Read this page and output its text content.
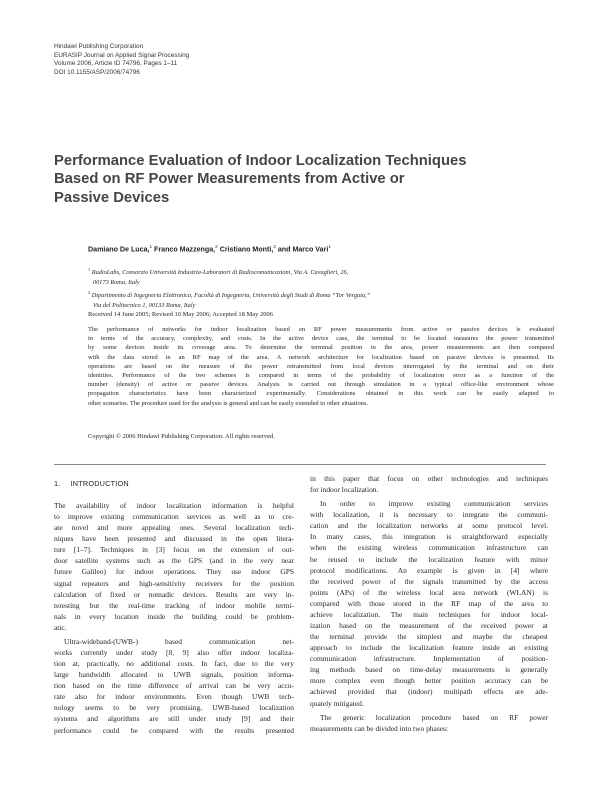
Hindawi Publishing Corporation
EURASIP Journal on Applied Signal Processing
Volume 2006, Article ID 74796, Pages 1–11
DOI 10.1155/ASP/2006/74796
Performance Evaluation of Indoor Localization Techniques
Based on RF Power Measurements from Active or
Passive Devices
Damiano De Luca,$^1$ Franco Mazzenga,$^2$ Cristiano Monti,$^2$ and Marco Vari$^1$
$^1$ RadioLabs, Consorzio Università Industria-Laboratori di Radiocomunicazioni, Via A. Cavaglieri, 26,
00173 Roma, Italy
$^2$ Dipartimento di Ingegneria Elettronica, Facoltà di Ingegneria, Università degli Studi di Roma “Tor Vergata,”
Via del Politecnico 1, 00133 Roma, Italy
Received 14 June 2005; Revised 10 May 2006; Accepted 18 May 2006
The performance of networks for indoor localization based on RF power measurements from active or passive devices is evaluated
in terms of the accuracy, complexity, and costs. In the active device case, the terminal to be located measures the power transmitted
by some devices inside its coverage area. To determine the terminal position in the area, power measurements are then compared
with the data stored in an RF map of the area. A network architecture for localization based on passive devices is presented. Its
operations are based on the measure of the power retransmitted from local devices interrogated by the terminal and on their
identities. Performance of the two schemes is compared in terms of the probability of localization error as a function of the
number (density) of active or passive devices. Analysis is carried out through simulation in a typical office-like environment whose
propagation characteristics have been characterized experimentally. Considerations obtained in this work can be easily adapted to
other scenarios. The procedure used for the analysis is general and can be easily extended to other situations.
Copyright © 2006 Hindawi Publishing Corporation. All rights reserved.
1. INTRODUCTION
The availability of indoor localization information is helpful
to improve existing communication services as well as to cre-
ate novel and more appealing ones. Several localization tech-
niques have been presented and discussed in the open litera-
ture [1–7]. Techniques in [3] focus on the extension of out-
door satellite systems such as the GPS (and in the very near
future Galileo) for indoor operations. They use indoor GPS
signal repeaters and high-sensitivity receivers for the position
calculation of fixed or nomadic devices. Results are very in-
teresting but the real-time tracking of indoor mobile termi-
nals in every location inside the building could be problem-
atic.
Ultra-wideband-(UWB-) based communication net-
works currently under study [8, 9] also offer indoor localiza-
tion at, practically, no additional costs. In fact, due to the very
large bandwidth allocated to UWB signals, position informa-
tion based on the time difference of arrival can be very accu-
rate also for indoor environments. Even though UWB tech-
nology seems to be very promising, UWB-based localization
systems and algorithms are still under study [9] and their
performance could be compared with the results presented
in this paper that focus on other technologies and techniques
for indoor localization.
In order to improve existing communication services
with localization, it is necessary to integrate the communi-
cation and the localization networks at some protocol level.
In many cases, this integration is straightforward especially
when the existing wireless communication infrastructure can
be reused to include the localization feature with minor
protocol modifications. An example is given in [4] where
the received power of the signals transmitted by the access
points (APs) of the wireless local area network (WLAN) is
compared with those stored in the RF map of the area to
achieve localization. The main techniques for indoor local-
ization based on the measurement of the received power at
the terminal provide the simplest and maybe the cheapest
approach to include the localization feature inside an existing
communication infrastructure. Implementation of position-
ing methods based on time-delay measurements is generally
more complex even though better position accuracy can be
achieved provided that (indoor) multipath effects are ade-
quately mitigated.
The generic localization procedure based on RF power
measurements can be divided into two phases:
